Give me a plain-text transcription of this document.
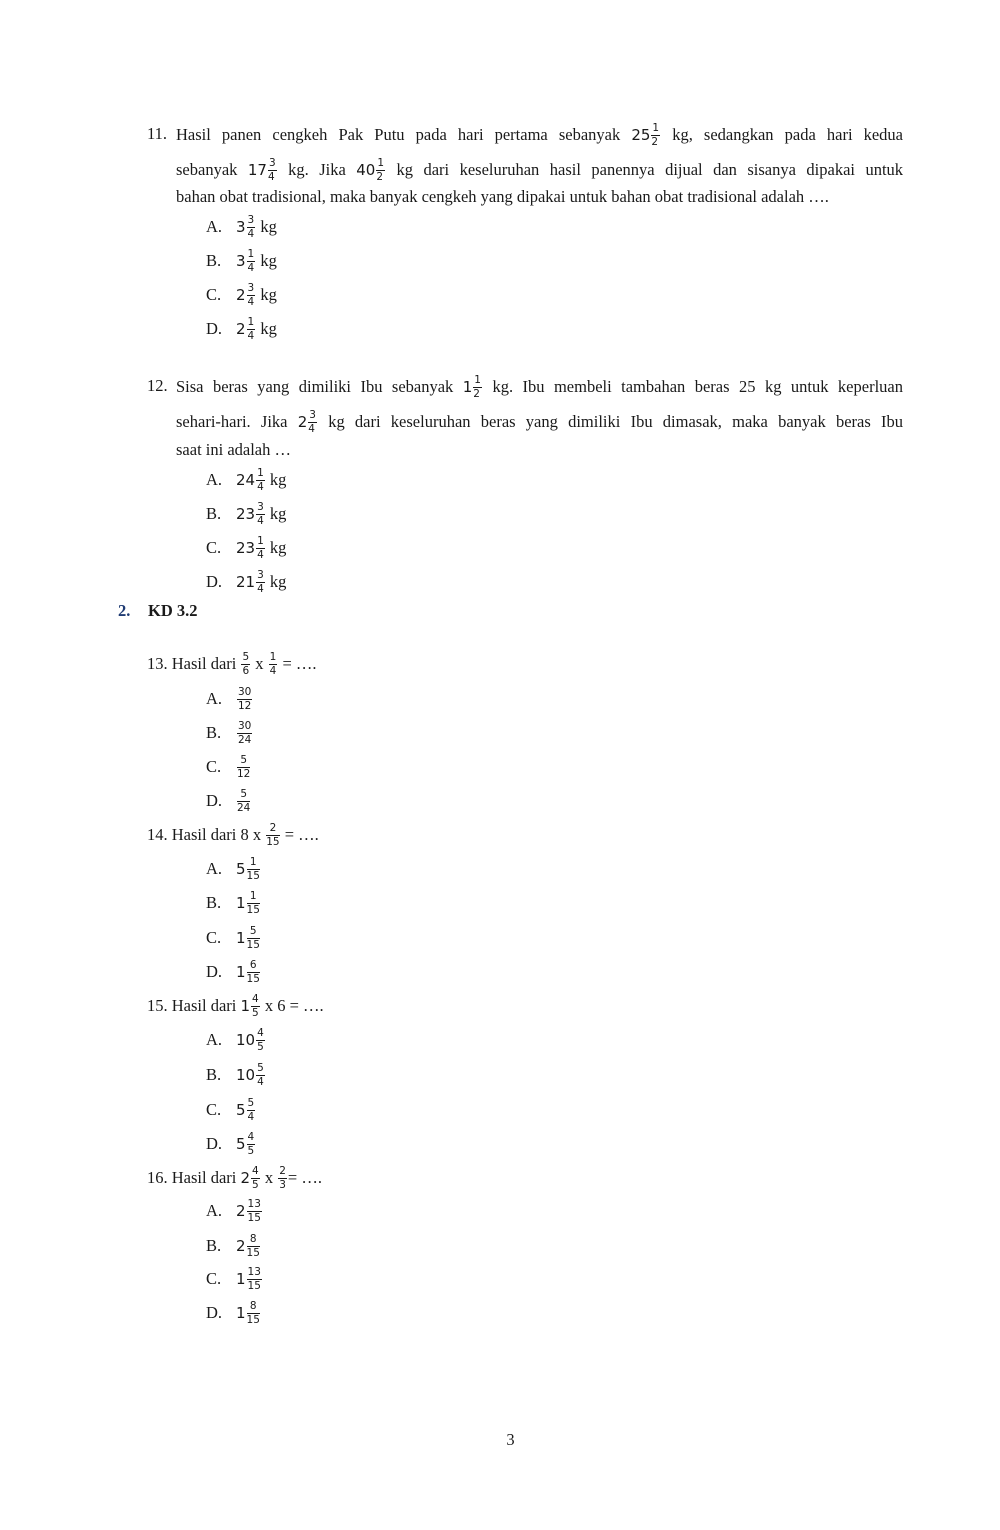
11. Hasil panen cengkeh Pak Putu pada hari pertama sebanyak $25 \frac{1}{2}$ kg, sedangkan pada hari kedua
sebanyak $17 \frac{3}{4}$ kg. Jika $40 \frac{1}{2}$ kg dari keseluruhan hasil panennya dijual dan sisanya dipakai untuk
bahan obat tradisional, maka banyak cengkeh yang dipakai untuk bahan obat tradisional adalah ….
A. $3 \frac{3}{4}$ kg
B. $3 \frac{1}{4}$ kg
C. $2 \frac{3}{4}$ kg
D. $2 \frac{1}{4}$ kg
12. Sisa beras yang dimiliki Ibu sebanyak $1 \frac{1}{2}$ kg. Ibu membeli tambahan beras 25 kg untuk keperluan
sehari-hari. Jika $2 \frac{3}{4}$ kg dari keseluruhan beras yang dimiliki Ibu dimasak, maka banyak beras Ibu
saat ini adalah …
A. $24 \frac{1}{4}$ kg
B. $23 \frac{3}{4}$ kg
C. $23 \frac{1}{4}$ kg
D. $21 \frac{3}{4}$ kg
2. KD 3.2
13. Hasil dari $\frac{5}{6}$ x $\frac{1}{4}$ = ….
A. $\frac{30}{12}$
B. $\frac{30}{24}$
C. $\frac{5}{12}$
D. $\frac{5}{24}$
14. Hasil dari 8 x $\frac{2}{15}$ = ….
A. $5 \frac{1}{15}$
B. $1 \frac{1}{15}$
C. $1 \frac{5}{15}$
D. $1 \frac{6}{15}$
15. Hasil dari $1 \frac{4}{5}$ x 6 = ….
A. $10 \frac{4}{5}$
B. $10 \frac{5}{4}$
C. $5 \frac{5}{4}$
D. $5 \frac{4}{5}$
16. Hasil dari $2 \frac{4}{5}$ x $\frac{2}{3}$ = ….
A. $2 \frac{13}{15}$
B. $2 \frac{8}{15}$
C. $1 \frac{13}{15}$
D. $1 \frac{8}{15}$
3
